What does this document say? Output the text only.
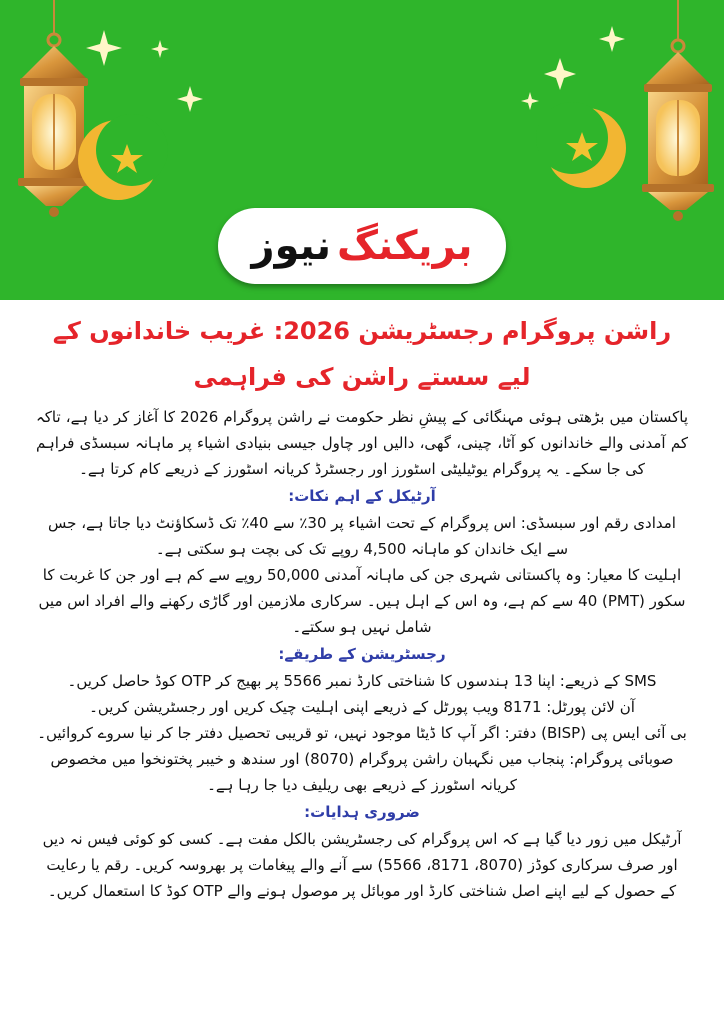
بریکنگ
نیوز
راشن پروگرام رجسٹریشن 2026: غریب خاندانوں کے لیے سستے راشن کی فراہمی

پاکستان میں بڑھتی ہوئی مہنگائی کے پیشِ نظر حکومت نے راشن پروگرام 2026 کا آغاز کر دیا ہے، تاکہ کم آمدنی والے خاندانوں کو آٹا، چینی، گھی، دالیں اور چاول جیسی بنیادی اشیاء پر ماہانہ سبسڈی فراہم کی جا سکے۔ یہ پروگرام یوٹیلیٹی اسٹورز اور رجسٹرڈ کریانہ اسٹورز کے ذریعے کام کرتا ہے۔

آرٹیکل کے اہم نکات:

امدادی رقم اور سبسڈی: اس پروگرام کے تحت اشیاء پر 30٪ سے 40٪ تک ڈسکاؤنٹ دیا جاتا ہے، جس سے ایک خاندان کو ماہانہ 4,500 روپے تک کی بچت ہو سکتی ہے۔

اہلیت کا معیار: وہ پاکستانی شہری جن کی ماہانہ آمدنی 50,000 روپے سے کم ہے اور جن کا غربت کا سکور (PMT) 40 سے کم ہے، وہ اس کے اہل ہیں۔ سرکاری ملازمین اور گاڑی رکھنے والے افراد اس میں شامل نہیں ہو سکتے۔

رجسٹریشن کے طریقے:

SMS کے ذریعے: اپنا 13 ہندسوں کا شناختی کارڈ نمبر 5566 پر بھیج کر OTP کوڈ حاصل کریں۔

آن لائن پورٹل: 8171 ویب پورٹل کے ذریعے اپنی اہلیت چیک کریں اور رجسٹریشن کریں۔

بی آئی ایس پی (BISP) دفتر: اگر آپ کا ڈیٹا موجود نہیں، تو قریبی تحصیل دفتر جا کر نیا سروے کروائیں۔

صوبائی پروگرام: پنجاب میں نگہبان راشن پروگرام (8070) اور سندھ و خیبر پختونخوا میں مخصوص کریانہ اسٹورز کے ذریعے بھی ریلیف دیا جا رہا ہے۔

ضروری ہدایات:

آرٹیکل میں زور دیا گیا ہے کہ اس پروگرام کی رجسٹریشن بالکل مفت ہے۔ کسی کو کوئی فیس نہ دیں اور صرف سرکاری کوڈز (8070، 8171، 5566) سے آنے والے پیغامات پر بھروسہ کریں۔ رقم یا رعایت کے حصول کے لیے اپنے اصل شناختی کارڈ اور موبائل پر موصول ہونے والے OTP کوڈ کا استعمال کریں۔
